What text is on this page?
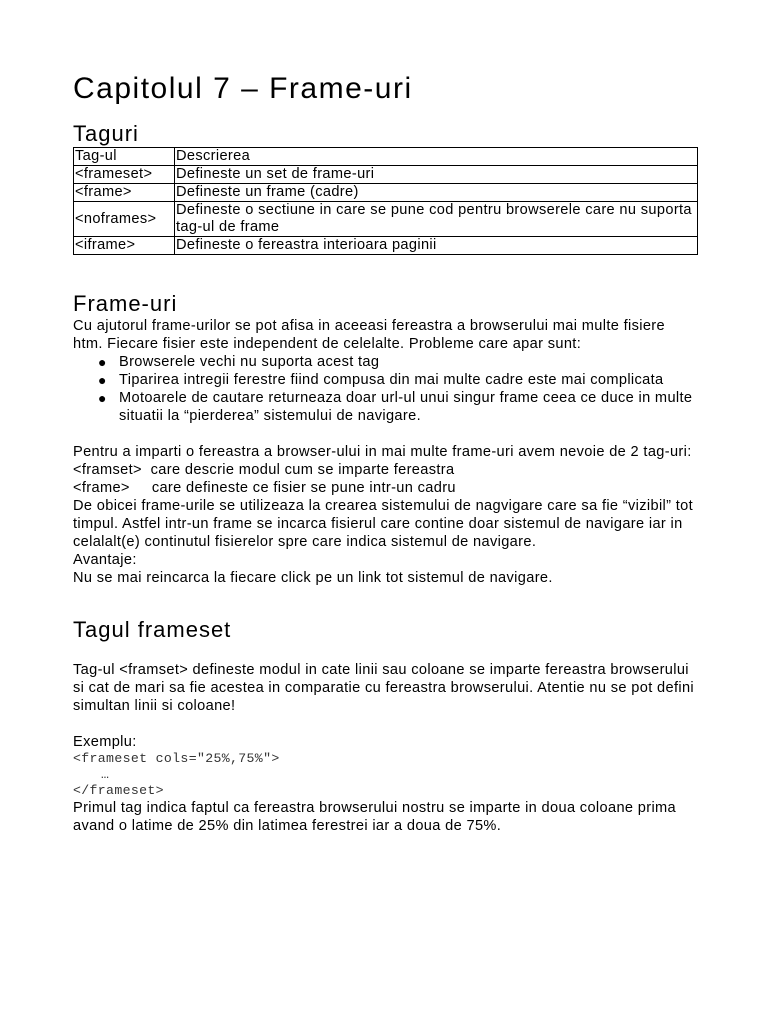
Capitolul 7 – Frame-uri
Taguri
Tag-ul	Descrierea
<frameset>	Defineste un set de frame-uri
<frame>	Defineste un frame (cadre)
<noframes>	Defineste o sectiune in care se pune cod pentru browserele care nu suporta tag-ul de frame
<iframe>	Defineste o fereastra interioara paginii
Frame-uri

Cu ajutorul frame-urilor se pot afisa in aceeasi fereastra a browserului mai multe fisiere htm. Fiecare fisier este independent de celelalte. Probleme care apar sunt:

● Browserele vechi nu suporta acest tag
● Tiparirea intregii ferestre fiind compusa din mai multe cadre este mai complicata
● Motoarele de cautare returneaza doar url-ul unui singur frame ceea ce duce in multe situatii la “pierderea” sistemului de navigare.

Pentru a imparti o fereastra a browser-ului in mai multe frame-uri avem nevoie de 2 tag-uri:

<framset>  care descrie modul cum se imparte fereastra

<frame>     care defineste ce fisier se pune intr-un cadru

De obicei frame-urile se utilizeaza la crearea sistemului de nagvigare care sa fie “vizibil” tot timpul. Astfel intr-un frame se incarca fisierul care contine doar sistemul de navigare iar in celalalt(e) continutul fisierelor spre care indica sistemul de navigare.

Avantaje:

Nu se mai reincarca la fiecare click pe un link tot sistemul de navigare.

Tagul frameset

Tag-ul <framset> defineste modul in cate linii sau coloane se imparte fereastra browserului si cat de mari sa fie acestea in comparatie cu fereastra browserului. Atentie nu se pot defini simultan linii si coloane!

Exemplu:

<frameset cols="25%,75%">

…

</frameset>

Primul tag indica faptul ca fereastra browserului nostru se imparte in doua coloane prima avand o latime de 25% din latimea ferestrei iar a doua de 75%.
